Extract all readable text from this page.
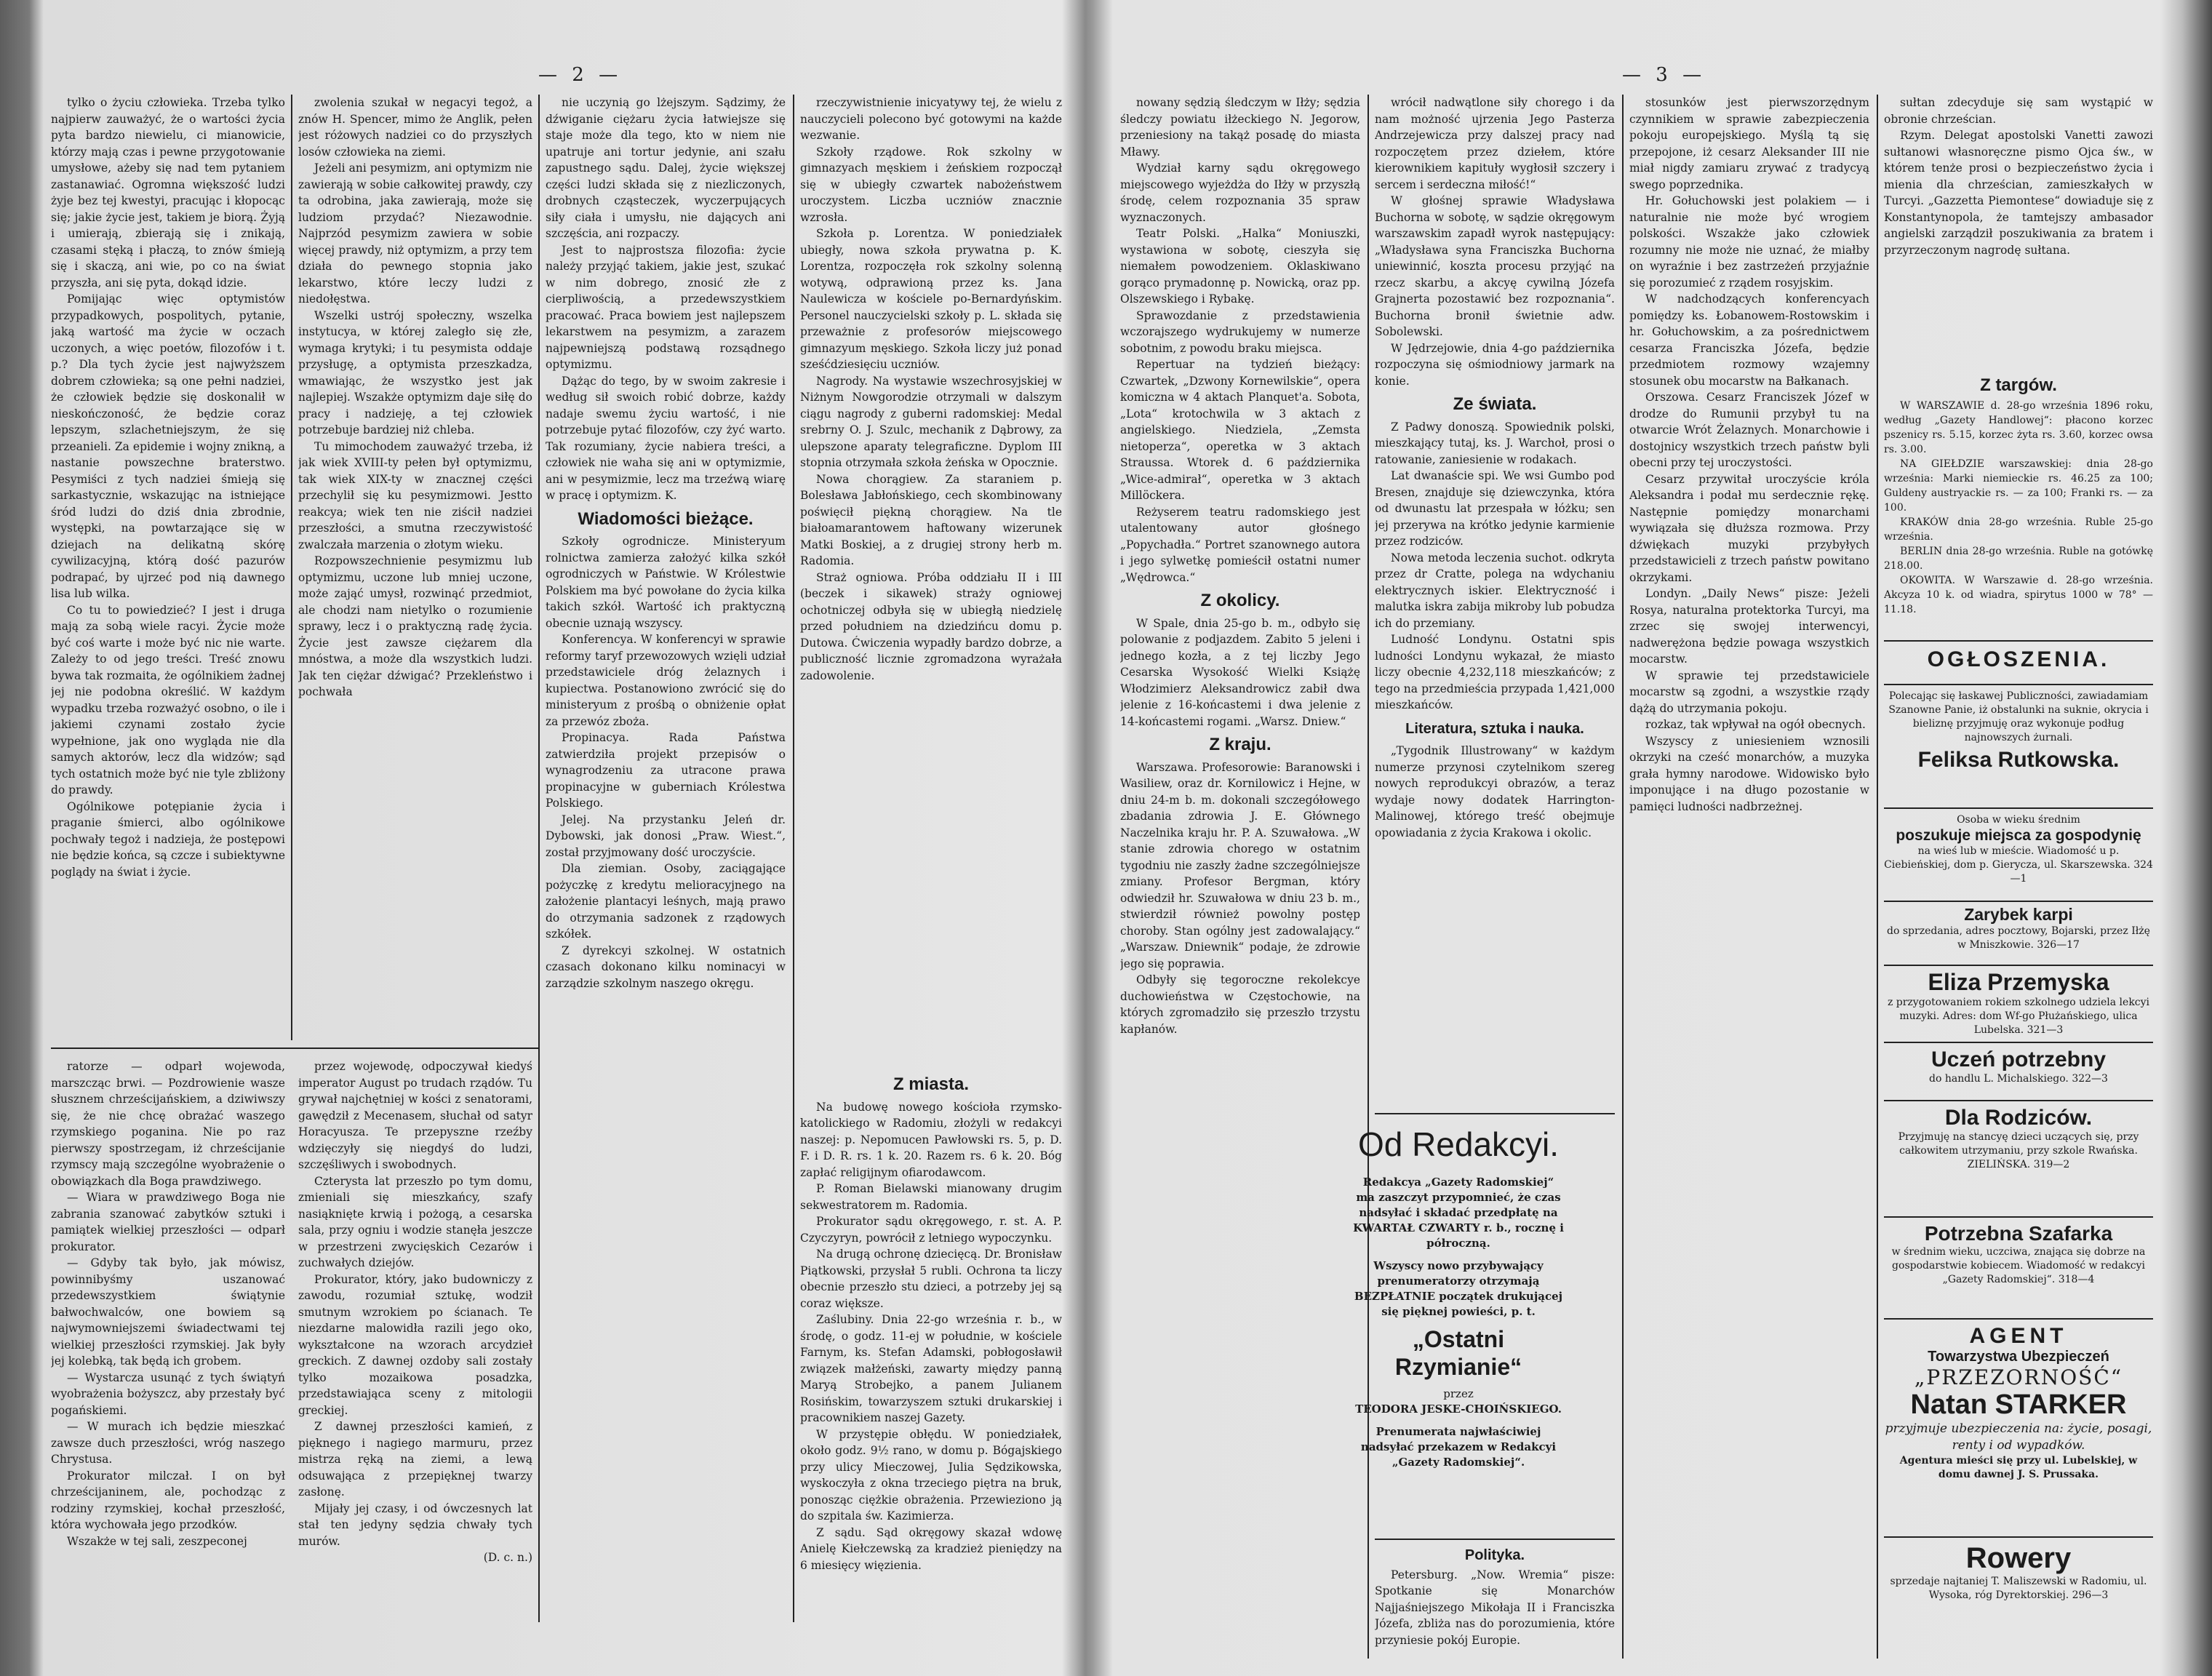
— 2 —

tylko o życiu człowieka. Trzeba tylko najpierw zauważyć, że o wartości życia pyta bardzo niewielu, ci mianowicie, którzy mają czas i pewne przygotowanie umysłowe, ażeby się nad tem pytaniem zastanawiać. Ogromna większość ludzi żyje bez tej kwestyi, pracując i kłopocąc się; jakie życie jest, takiem je biorą. Żyją i umierają, zbierają się i znikają, czasami stęką i płaczą, to znów śmieją się i skaczą, ani wie, po co na świat przyszła, ani się pyta, dokąd idzie.

Pomijając więc optymistów przypadkowych, pospolitych, pytanie, jaką wartość ma życie w oczach uczonych, a więc poetów, filozofów i t. p.? Dla tych życie jest najwyższem dobrem człowieka; są one pełni nadziei, że człowiek będzie się doskonalił w nieskończoność, że będzie coraz lepszym, szlachetniejszym, że się przeanieli. Za epidemie i wojny znikną, a nastanie powszechne braterstwo. Pesymiści z tych nadziei śmieją się sarkastycznie, wskazując na istniejące śród ludzi do dziś dnia zbrodnie, występki, na powtarzające się w dziejach na delikatną skórę cywilizacyjną, którą dość pazurów podrapać, by ujrzeć pod nią dawnego lisa lub wilka.

Co tu to powiedzieć? I jest i druga mają za sobą wiele racyi. Życie może być coś warte i może być nic nie warte. Zależy to od jego treści. Treść znowu bywa tak rozmaita, że ogólnikiem żadnej jej nie podobna określić. W każdym wypadku trzeba rozważyć osobno, o ile i jakiemi czynami zostało życie wypełnione, jak ono wygląda nie dla samych aktorów, lecz dla widzów; sąd tych ostatnich może być nie tyle zbliżony do prawdy.

Ogólnikowe potępianie życia i praganie śmierci, albo ogólnikowe pochwały tegoż i nadzieja, że postępowi nie będzie końca, są czcze i subiektywne poglądy na świat i życie.

zwolenia szukał w negacyi tegoż, a znów H. Spencer, mimo że Anglik, pełen jest różowych nadziei co do przyszłych losów człowieka na ziemi.

Jeżeli ani pesymizm, ani optymizm nie zawierają w sobie całkowitej prawdy, czy ta odrobina, jaka zawierają, może się ludziom przydać? Niezawodnie. Najprzód pesymizm zawiera w sobie więcej prawdy, niż optymizm, a przy tem działa do pewnego stopnia jako lekarstwo, które leczy ludzi z niedołęstwa.

Wszelki ustrój społeczny, wszelka instytucya, w której zaległo się złe, wymaga krytyki; i tu pesymista oddaje przysługę, a optymista przeszkadza, wmawiając, że wszystko jest jak najlepiej. Wszakże optymizm daje siłę do pracy i nadzieję, a tej człowiek potrzebuje bardziej niż chleba.

Tu mimochodem zauważyć trzeba, iż jak wiek XVIII-ty pełen był optymizmu, tak wiek XIX-ty w znacznej części przechylił się ku pesymizmowi. Jestto reakcya; wiek ten nie ziścił nadziei przeszłości, a smutna rzeczywistość zwalczała marzenia o złotym wieku.

Rozpowszechnienie pesymizmu lub optymizmu, uczone lub mniej uczone, może zająć umysł, rozwinąć przedmiot, ale chodzi nam nietylko o rozumienie sprawy, lecz i o praktyczną radę życia. Życie jest zawsze ciężarem dla mnóstwa, a może dla wszystkich ludzi. Jak ten ciężar dźwigać? Przekleństwo i pochwała

nie uczynią go lżejszym. Sądzimy, że dźwiganie ciężaru życia łatwiejsze się staje może dla tego, kto w niem nie upatruje ani tortur jedynie, ani szału zapustnego sądu. Dalej, życie większej części ludzi składa się z niezliczonych, drobnych cząsteczek, wyczerpujących siły ciała i umysłu, nie dających ani szczęścia, ani rozpaczy.

Jest to najprostsza filozofia: życie należy przyjąć takiem, jakie jest, szukać w nim dobrego, znosić złe z cierpliwością, a przedewszystkiem pracować. Praca bowiem jest najlepszem lekarstwem na pesymizm, a zarazem najpewniejszą podstawą rozsądnego optymizmu.

Dążąc do tego, by w swoim zakresie i według sił swoich robić dobrze, każdy nadaje swemu życiu wartość, i nie potrzebuje pytać filozofów, czy żyć warto. Tak rozumiany, życie nabiera treści, a człowiek nie waha się ani w optymizmie, ani w pesymizmie, lecz ma trzeźwą wiarę w pracę i optymizm. K.

Wiadomości bieżące.

Szkoły ogrodnicze. Ministeryum rolnictwa zamierza założyć kilka szkół ogrodniczych w Państwie. W Królestwie Polskiem ma być powołane do życia kilka takich szkół. Wartość ich praktyczną obecnie uznają wszyscy.

Konferencya. W konferencyi w sprawie reformy taryf przewozowych wzięli udział przedstawiciele dróg żelaznych i kupiectwa. Postanowiono zwrócić się do ministeryum z prośbą o obniżenie opłat za przewóz zboża.

Propinacya. Rada Państwa zatwierdziła projekt przepisów o wynagrodzeniu za utracone prawa propinacyjne w guberniach Królestwa Polskiego.

Jelej. Na przystanku Jeleń dr. Dybowski, jak donosi „Praw. Wiest.“, został przyjmowany dość uroczyście.

Dla ziemian. Osoby, zaciągające pożyczkę z kredytu melioracyjnego na założenie plantacyi leśnych, mają prawo do otrzymania sadzonek z rządowych szkółek.

Z dyrekcyi szkolnej. W ostatnich czasach dokonano kilku nominacyi w zarządzie szkolnym naszego okręgu.

rzeczywistnienie inicyatywy tej, że wielu z nauczycieli polecono być gotowymi na każde wezwanie.

Szkoły rządowe. Rok szkolny w gimnazyach męskiem i żeńskiem rozpoczął się w ubiegły czwartek nabożeństwem uroczystem. Liczba uczniów znacznie wzrosła.

Szkoła p. Lorentza. W poniedziałek ubiegły, nowa szkoła prywatna p. K. Lorentza, rozpoczęła rok szkolny solenną wotywą, odprawioną przez ks. Jana Naulewicza w kościele po-Bernardyńskim. Personel nauczycielski szkoły p. L. składa się przeważnie z profesorów miejscowego gimnazyum męskiego. Szkoła liczy już ponad sześćdziesięciu uczniów.

Nagrody. Na wystawie wszechrosyjskiej w Niżnym Nowgorodzie otrzymali w dalszym ciągu nagrody z guberni radomskiej: Medal srebrny O. J. Szulc, mechanik z Dąbrowy, za ulepszone aparaty telegraficzne. Dyplom III stopnia otrzymała szkoła żeńska w Opocznie.

Nowa chorągiew. Za staraniem p. Bolesława Jabłońskiego, cech skombinowany poświęcił piękną chorągiew. Na tle białoamarantowem haftowany wizerunek Matki Boskiej, a z drugiej strony herb m. Radomia.

Straż ogniowa. Próba oddziału II i III (beczek i sikawek) straży ogniowej ochotniczej odbyła się w ubiegłą niedzielę przed południem na dziedzińcu domu p. Dutowa. Ćwiczenia wypadły bardzo dobrze, a publiczność licznie zgromadzona wyrażała zadowolenie.

Z miasta.

Na budowę nowego kościoła rzymsko-katolickiego w Radomiu, złożyli w redakcyi naszej: p. Nepomucen Pawłowski rs. 5, p. D. F. i D. R. rs. 1 k. 20. Razem rs. 6 k. 20. Bóg zapłać religijnym ofiarodawcom.

P. Roman Bielawski mianowany drugim sekwestratorem m. Radomia.

Prokurator sądu okręgowego, r. st. A. P. Czyczyryn, powrócił z letniego wypoczynku.

Na drugą ochronę dziecięcą. Dr. Bronisław Piątkowski, przysłał 5 rubli. Ochrona ta liczy obecnie przeszło stu dzieci, a potrzeby jej są coraz większe.

Zaślubiny. Dnia 22-go września r. b., w środę, o godz. 11-ej w południe, w kościele Farnym, ks. Stefan Adamski, pobłogosławił związek małżeński, zawarty między panną Maryą Strobejko, a panem Julianem Rosińskim, towarzyszem sztuki drukarskiej i pracownikiem naszej Gazety.

W przystępie obłędu. W poniedziałek, około godz. 9½ rano, w domu p. Bógajskiego przy ulicy Mieczowej, Julia Sędzikowska, wyskoczyła z okna trzeciego piętra na bruk, ponosząc ciężkie obrażenia. Przewieziono ją do szpitala św. Kazimierza.

Z sądu. Sąd okręgowy skazał wdowę Anielę Kiełczewską za kradzież pieniędzy na 6 miesięcy więzienia.

ratorze — odparł wojewoda, marszcząc brwi. — Pozdrowienie wasze słusznem chrześcijańskiem, a dziwiwszy się, że nie chcę obrażać waszego rzymskiego poganina. Nie po raz pierwszy spostrzegam, iż chrześcijanie rzymscy mają szczególne wyobrażenie o obowiązkach dla Boga prawdziwego.

— Wiara w prawdziwego Boga nie zabrania szanować zabytków sztuki i pamiątek wielkiej przeszłości — odparł prokurator.

— Gdyby tak było, jak mówisz, powinnibyśmy uszanować przedewszystkiem świątynie bałwochwalców, one bowiem są najwymowniejszemi świadectwami tej wielkiej przeszłości rzymskiej. Jak były jej kolebką, tak będą ich grobem.

— Wystarcza usunąć z tych świątyń wyobrażenia bożyszcz, aby przestały być pogańskiemi.

— W murach ich będzie mieszkać zawsze duch przeszłości, wróg naszego Chrystusa.

Prokurator milczał. I on był chrześcijaninem, ale, pochodząc z rodziny rzymskiej, kochał przeszłość, która wychowała jego przodków.

Wszakże w tej sali, zeszpeconej

przez wojewodę, odpoczywał kiedyś imperator August po trudach rządów. Tu grywał najchętniej w kości z senatorami, gawędził z Mecenasem, słuchał od satyr Horacyusza. Te przepyszne rzeźby wdzięczyły się niegdyś do ludzi, szczęśliwych i swobodnych.

Czterysta lat przeszło po tym domu, zmieniali się mieszkańcy, szafy nasiąknięte krwią i pożogą, a cesarska sala, przy ogniu i wodzie stanęła jeszcze w przestrzeni zwycięskich Cezarów i zuchwałych dziejów.

Prokurator, który, jako budowniczy z zawodu, rozumiał sztukę, wodził smutnym wzrokiem po ścianach. Te niezdarne malowidła razili jego oko, wykształcone na wzorach arcydzieł greckich. Z dawnej ozdoby sali zostały tylko mozaikowa posadzka, przedstawiająca sceny z mitologii greckiej.

Z dawnej przeszłości kamień, z pięknego i nagiego marmuru, przez mistrza ręką na ziemi, a lewą odsuwająca z przepięknej twarzy zasłonę.

Mijały jej czasy, i od ówczesnych lat stał ten jedyny sędzia chwały tych murów.

(D. c. n.)

— 3 —

nowany sędzią śledczym w Iłży; sędzia śledczy powiatu iłżeckiego N. Jegorow, przeniesiony na takąż posadę do miasta Mławy.

Wydział karny sądu okręgowego miejscowego wyjeżdża do Iłży w przyszłą środę, celem rozpoznania 35 spraw wyznaczonych.

Teatr Polski. „Halka“ Moniuszki, wystawiona w sobotę, cieszyła się niemałem powodzeniem. Oklaskiwano gorąco prymadonnę p. Nowicką, oraz pp. Olszewskiego i Rybakę.

Sprawozdanie z przedstawienia wczorajszego wydrukujemy w numerze sobotnim, z powodu braku miejsca.

Repertuar na tydzień bieżący: Czwartek, „Dzwony Kornewilskie“, opera komiczna w 4 aktach Planquet'a. Sobota, „Lota“ krotochwila w 3 aktach z angielskiego. Niedziela, „Zemsta nietoperza“, operetka w 3 aktach Straussa. Wtorek d. 6 października „Wice-admirał“, operetka w 3 aktach Millöckera.

Reżyserem teatru radomskiego jest utalentowany autor głośnego „Popychadła.“ Portret szanownego autora i jego sylwetkę pomieścił ostatni numer „Wędrowca.“

Z okolicy.

W Spale, dnia 25-go b. m., odbyło się polowanie z podjazdem. Zabito 5 jeleni i jednego kozła, a z tej liczby Jego Cesarska Wysokość Wielki Książę Włodzimierz Aleksandrowicz zabił dwa jelenie z 16-końcastemi i dwa jelenie z 14-końcastemi rogami. „Warsz. Dniew.“

Z kraju.

Warszawa. Profesorowie: Baranowski i Wasiliew, oraz dr. Kornilowicz i Hejne, w dniu 24-m b. m. dokonali szczegółowego zbadania zdrowia J. E. Głównego Naczelnika kraju hr. P. A. Szuwałowa. „W stanie zdrowia chorego w ostatnim tygodniu nie zaszły żadne szczególniejsze zmiany. Profesor Bergman, który odwiedził hr. Szuwałowa w dniu 23 b. m., stwierdził również powolny postęp choroby. Stan ogólny jest zadowalający.“ „Warszaw. Dniewnik“ podaje, że zdrowie jego się poprawia.

Odbyły się tegoroczne rekolekcye duchowieństwa w Częstochowie, na których zgromadziło się przeszło trzystu kapłanów.

wrócił nadwątlone siły chorego i da nam możność ujrzenia Jego Pasterza Andrzejewicza przy dalszej pracy nad rozpoczętem przez dziełem, które kierownikiem kapituły wygłosił szczery i sercem i serdeczna miłość!“

W głośnej sprawie Władysława Buchorna w sobotę, w sądzie okręgowym warszawskim zapadł wyrok następujący: „Władysława syna Franciszka Buchorna uniewinnić, koszta procesu przyjąć na rzecz skarbu, a akcyę cywilną Józefa Grajnerta pozostawić bez rozpoznania“. Buchorna bronił świetnie adw. Sobolewski.

W Jędrzejowie, dnia 4-go października rozpoczyna się ośmiodniowy jarmark na konie.

Ze świata.

Z Padwy donoszą. Spowiednik polski, mieszkający tutaj, ks. J. Warchoł, prosi o ratowanie, zaniesienie w rodakach.

Lat dwanaście spi. We wsi Gumbo pod Bresen, znajduje się dziewczynka, która od dwunastu lat przespała w łóżku; sen jej przerywa na krótko jedynie karmienie przez rodziców.

Nowa metoda leczenia suchot. odkryta przez dr Cratte, polega na wdychaniu elektrycznych iskier. Elektryczność i malutka iskra zabija mikroby lub pobudza ich do przemiany.

Ludność Londynu. Ostatni spis ludności Londynu wykazał, że miasto liczy obecnie 4,232,118 mieszkańców; z tego na przedmieścia przypada 1,421,000 mieszkańców.

Literatura, sztuka i nauka.

„Tygodnik Illustrowany“ w każdym numerze przynosi czytelnikom szereg nowych reprodukcyi obrazów, a teraz wydaje nowy dodatek Harrington-Malinowej, którego treść obejmuje opowiadania z życia Krakowa i okolic.

Polityka.

Petersburg. „Now. Wremia“ pisze: Spotkanie się Monarchów Najjaśniejszego Mikołaja II i Franciszka Józefa, zbliża nas do porozumienia, które przyniesie pokój Europie.

stosunków jest pierwszorzędnym czynnikiem w sprawie zabezpieczenia pokoju europejskiego. Myślą tą się przepojone, iż cesarz Aleksander III nie miał nigdy zamiaru zrywać z tradycyą swego poprzednika.

Hr. Gołuchowski jest polakiem — i naturalnie nie może być wrogiem polskości. Wszakże jako człowiek rozumny nie może nie uznać, że miałby on wyraźnie i bez zastrzeżeń przyjaźnie się porozumieć z rządem rosyjskim.

W nadchodzących konferencyach pomiędzy ks. Łobanowem-Rostowskim i hr. Gołuchowskim, a za pośrednictwem cesarza Franciszka Józefa, będzie przedmiotem rozmowy wzajemny stosunek obu mocarstw na Bałkanach.

Orszowa. Cesarz Franciszek Józef w drodze do Rumunii przybył tu na otwarcie Wrót Żelaznych. Monarchowie i dostojnicy wszystkich trzech państw byli obecni przy tej uroczystości.

Cesarz przywitał uroczyście króla Aleksandra i podał mu serdecznie rękę. Następnie pomiędzy monarchami wywiązała się dłuższa rozmowa. Przy dźwiękach muzyki przybyłych przedstawicieli z trzech państw powitano okrzykami.

Londyn. „Daily News“ pisze: Jeżeli Rosya, naturalna protektorka Turcyi, ma zrzec się swojej interwencyi, nadwerężona będzie powaga wszystkich mocarstw.

W sprawie tej przedstawiciele mocarstw są zgodni, a wszystkie rządy dążą do utrzymania pokoju.

rozkaz, tak wpływał na ogół obecnych.

Wszyscy z uniesieniem wznosili okrzyki na cześć monarchów, a muzyka grała hymny narodowe. Widowisko było imponujące i na długo pozostanie w pamięci ludności nadbrzeżnej.

sułtan zdecyduje się sam wystąpić w obronie chrześcian.

Rzym. Delegat apostolski Vanetti zawozi sułtanowi własnoręczne pismo Ojca św., w którem tenże prosi o bezpieczeństwo życia i mienia dla chrześcian, zamieszkałych w Turcyi. „Gazzetta Piemontese“ dowiaduje się z Konstantynopola, że tamtejszy ambasador angielski zarządził poszukiwania za bratem i przyrzeczonym nagrodę sułtana.

Z targów.

W WARSZAWIE d. 28-go września 1896 roku, według „Gazety Handlowej“: płacono korzec pszenicy rs. 5.15, korzec żyta rs. 3.60, korzec owsa rs. 3.00.

NA GIEŁDZIE warszawskiej: dnia 28-go września: Marki niemieckie rs. 46.25 za 100; Guldeny austryackie rs. — za 100; Franki rs. — za 100.

KRAKÓW dnia 28-go września. Ruble 25-go września.

BERLIN dnia 28-go września. Ruble na gotówkę 218.00.

OKOWITA. W Warszawie d. 28-go września. Akcyza 10 k. od wiadra, spirytus 1000 w 78° — 11.18.

OGŁOSZENIA.
Polecając się łaskawej Publiczności, zawiadamiam Szanowne Panie, iż obstalunki na suknie, okrycia i bieliznę przyjmuję oraz wykonuje podług najnowszych żurnali.
Feliksa Rutkowska.
Osoba w wieku średnim
poszukuje miejsca za gospodynię
na wieś lub w mieście. Wiadomość u p. Ciebieńskiej, dom p. Gierycza, ul. Skarszewska. 324—1
Zarybek karpi
do sprzedania, adres pocztowy, Bojarski, przez Iłżę w Mniszkowie. 326—17
Eliza Przemyska
z przygotowaniem rokiem szkolnego udziela lekcyi muzyki. Adres: dom Wf-go Płużańskiego, ulica Lubelska. 321—3
Uczeń potrzebny
do handlu L. Michalskiego. 322—3
Dla Rodziców.
Przyjmuję na stancyę dzieci uczących się, przy całkowitem utrzymaniu, przy szkole Rwańska. ZIELIŃSKA. 319—2
Potrzebna Szafarka
w średnim wieku, uczciwa, znająca się dobrze na gospodarstwie kobiecem. Wiadomość w redakcyi „Gazety Radomskiej“. 318—4
AGENT
Towarzystwa Ubezpieczeń
„PRZEZORNOŚĆ“
Natan STARKER
przyjmuje ubezpieczenia na: życie, posagi, renty i od wypadków.
Agentura mieści się przy ul. Lubelskiej, w domu dawnej J. S. Prussaka.
Rowery
sprzedaje najtaniej T. Maliszewski w Radomiu, ul. Wysoka, róg Dyrektorskiej. 296—3
Od Redakcyi.
Redakcya „Gazety Radomskiej“ ma zaszczyt przypomnieć, że czas nadsyłać i składać przedpłatę na KWARTAŁ CZWARTY r. b., rocznę i półroczną.
Wszyscy nowo przybywający prenumeratorzy otrzymają BEZPŁATNIE początek drukującej się pięknej powieści, p. t.
„Ostatni Rzymianie“
przez
TEODORA JESKE-CHOIŃSKIEGO.
Prenumerata najwłaściwiej nadsyłać przekazem w Redakcyi „Gazety Radomskiej“.
